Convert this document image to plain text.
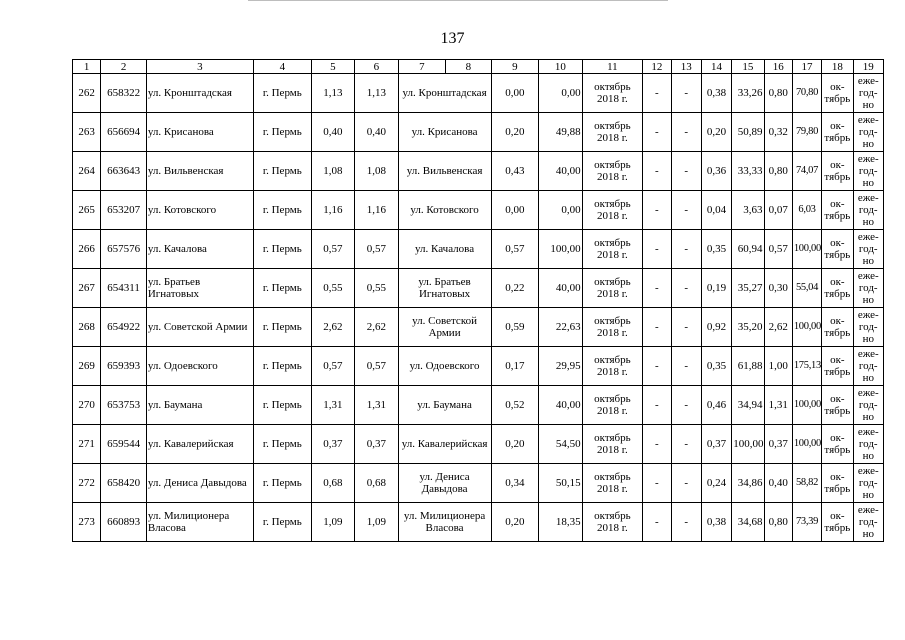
137
1	2	3	4	5	6	7	8	9	10	11	12	13	14	15	16	17	18	19
262	658322	ул. Кронштадская	г. Пермь	1,13	1,13	ул. Кронштадская		0,00	0,00	октябрь 2018 г.	-	-	0,38	33,26	0,80	70,80	ок-тябрь	еже-год-но
263	656694	ул. Крисанова	г. Пермь	0,40	0,40	ул. Крисанова		0,20	49,88	октябрь 2018 г.	-	-	0,20	50,89	0,32	79,80	ок-тябрь	еже-год-но
264	663643	ул. Вильвенская	г. Пермь	1,08	1,08	ул. Вильвенская		0,43	40,00	октябрь 2018 г.	-	-	0,36	33,33	0,80	74,07	ок-тябрь	еже-год-но
265	653207	ул. Котовского	г. Пермь	1,16	1,16	ул. Котовского		0,00	0,00	октябрь 2018 г.	-	-	0,04	3,63	0,07	6,03	ок-тябрь	еже-год-но
266	657576	ул. Качалова	г. Пермь	0,57	0,57	ул. Качалова		0,57	100,00	октябрь 2018 г.	-	-	0,35	60,94	0,57	100,00	ок-тябрь	еже-год-но
267	654311	ул. Братьев Игнатовых	г. Пермь	0,55	0,55	ул. Братьев Игнатовых		0,22	40,00	октябрь 2018 г.	-	-	0,19	35,27	0,30	55,04	ок-тябрь	еже-год-но
268	654922	ул. Советской Армии	г. Пермь	2,62	2,62	ул. Советской Армии		0,59	22,63	октябрь 2018 г.	-	-	0,92	35,20	2,62	100,00	ок-тябрь	еже-год-но
269	659393	ул. Одоевского	г. Пермь	0,57	0,57	ул. Одоевского		0,17	29,95	октябрь 2018 г.	-	-	0,35	61,88	1,00	175,13	ок-тябрь	еже-год-но
270	653753	ул. Баумана	г. Пермь	1,31	1,31	ул. Баумана		0,52	40,00	октябрь 2018 г.	-	-	0,46	34,94	1,31	100,00	ок-тябрь	еже-год-но
271	659544	ул. Кавалерийская	г. Пермь	0,37	0,37	ул. Кавалерийская		0,20	54,50	октябрь 2018 г.	-	-	0,37	100,00	0,37	100,00	ок-тябрь	еже-год-но
272	658420	ул. Дениса Давыдова	г. Пермь	0,68	0,68	ул. Дениса Давыдова		0,34	50,15	октябрь 2018 г.	-	-	0,24	34,86	0,40	58,82	ок-тябрь	еже-год-но
273	660893	ул. Милиционера Власова	г. Пермь	1,09	1,09	ул. Милиционера Власова		0,20	18,35	октябрь 2018 г.	-	-	0,38	34,68	0,80	73,39	ок-тябрь	еже-год-но
